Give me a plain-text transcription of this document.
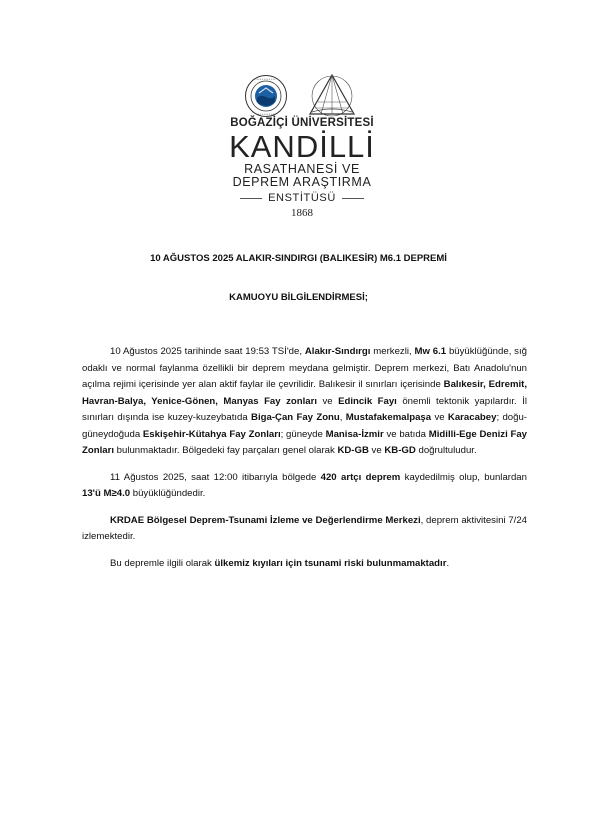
•••••••••••
•••••••••••
BOĞAZİÇİ ÜNİVERSİTESİ
KANDİLLİ
RASATHANESİ VE
DEPREM ARAŞTIRMA
ENSTİTÜSÜ
1868
10 AĞUSTOS 2025 ALAKIR-SINDIRGI (BALIKESİR) M6.1 DEPREMİ
KAMUOYU BİLGİLENDİRMESİ;

10 Ağustos 2025 tarihinde saat 19:53 TSİ'de, Alakır-Sındırgı merkezli, Mw 6.1 büyüklüğünde, sığ odaklı ve normal faylanma özellikli bir deprem meydana gelmiştir. Deprem merkezi, Batı Anadolu'nun açılma rejimi içerisinde yer alan aktif faylar ile çevrilidir. Balıkesir il sınırları içerisinde Balıkesir, Edremit, Havran-Balya, Yenice-Gönen, Manyas Fay zonları ve Edincik Fayı önemli tektonik yapılardır. İl sınırları dışında ise kuzey-kuzeybatıda Biga-Çan Fay Zonu, Mustafakemalpaşa ve Karacabey; doğu-güneydoğuda Eskişehir-Kütahya Fay Zonları; güneyde Manisa-İzmir ve batıda Midilli-Ege Denizi Fay Zonları bulunmaktadır. Bölgedeki fay parçaları genel olarak KD-GB ve KB-GD doğrultuludur.

11 Ağustos 2025, saat 12:00 itibarıyla bölgede 420 artçı deprem kaydedilmiş olup, bunlardan 13'ü M≥4.0 büyüklüğündedir.

KRDAE Bölgesel Deprem-Tsunami İzleme ve Değerlendirme Merkezi, deprem aktivitesini 7/24 izlemektedir.

Bu depremle ilgili olarak ülkemiz kıyıları için tsunami riski bulunmamaktadır.
